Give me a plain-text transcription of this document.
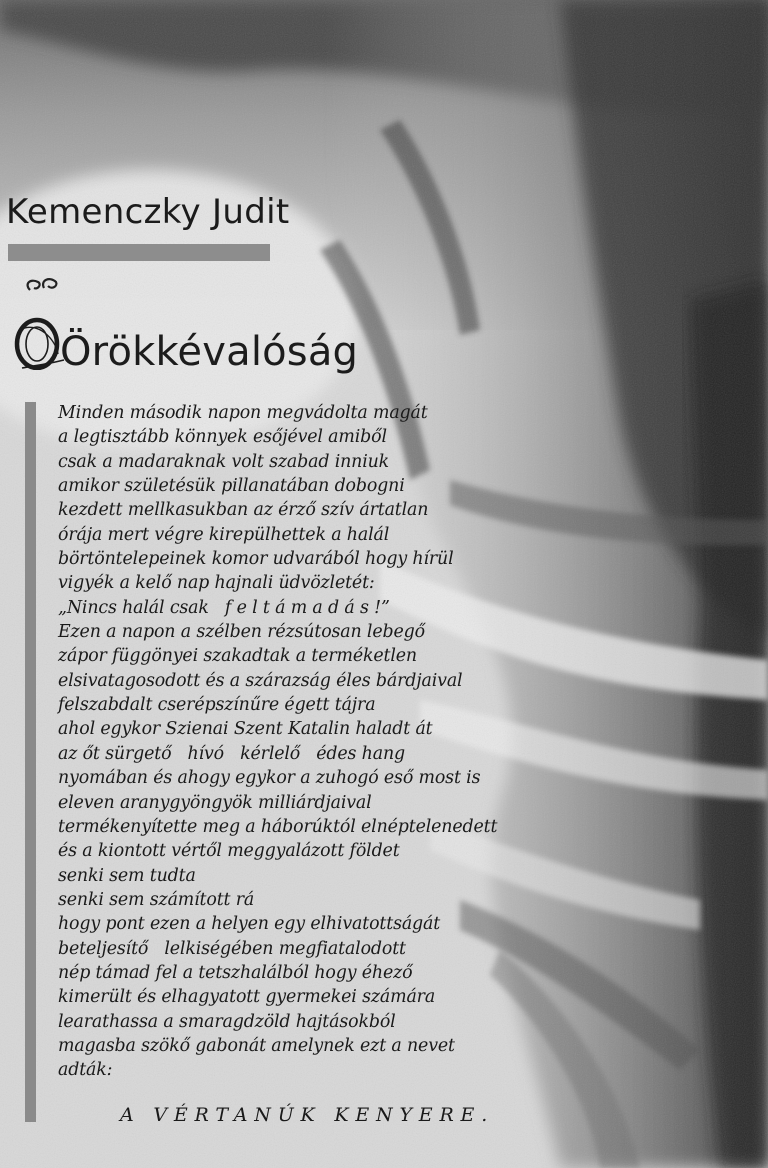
Kemenczky Judit
Örökkévalóság
Minden második napon megvádolta magát
a legtisztább könnyek esőjével amiből
csak a madaraknak volt szabad inniuk
amikor születésük pillanatában dobogni
kezdett mellkasukban az érző szív ártatlan
órája mert végre kirepülhettek a halál
börtöntelepeinek komor udvarából hogy hírül
vigyék a kelő nap hajnali üdvözletét:
„Nincs halál csak   f e l t á m a d á s !”
Ezen a napon a szélben rézsútosan lebegő
zápor függönyei szakadtak a terméketlen
elsivatagosodott és a szárazság éles bárdjaival
felszabdalt cserépszínűre égett tájra
ahol egykor Szienai Szent Katalin haladt át
az őt sürgető   hívó   kérlelő   édes hang
nyomában és ahogy egykor a zuhogó eső most is
eleven aranygyöngyök milliárdjaival
termékenyítette meg a háborúktól elnéptelenedett
és a kiontott vértől meggyalázott földet
senki sem tudta
senki sem számított rá
hogy pont ezen a helyen egy elhivatottságát
beteljesítő   lelkiségében megfiatalodott
nép támad fel a tetszhalálból hogy éhező
kimerült és elhagyatott gyermekei számára
learathassa a smaragdzöld hajtásokból
magasba szökő gabonát amelynek ezt a nevet
adták:
A VÉRTANÚK KENYERE.
